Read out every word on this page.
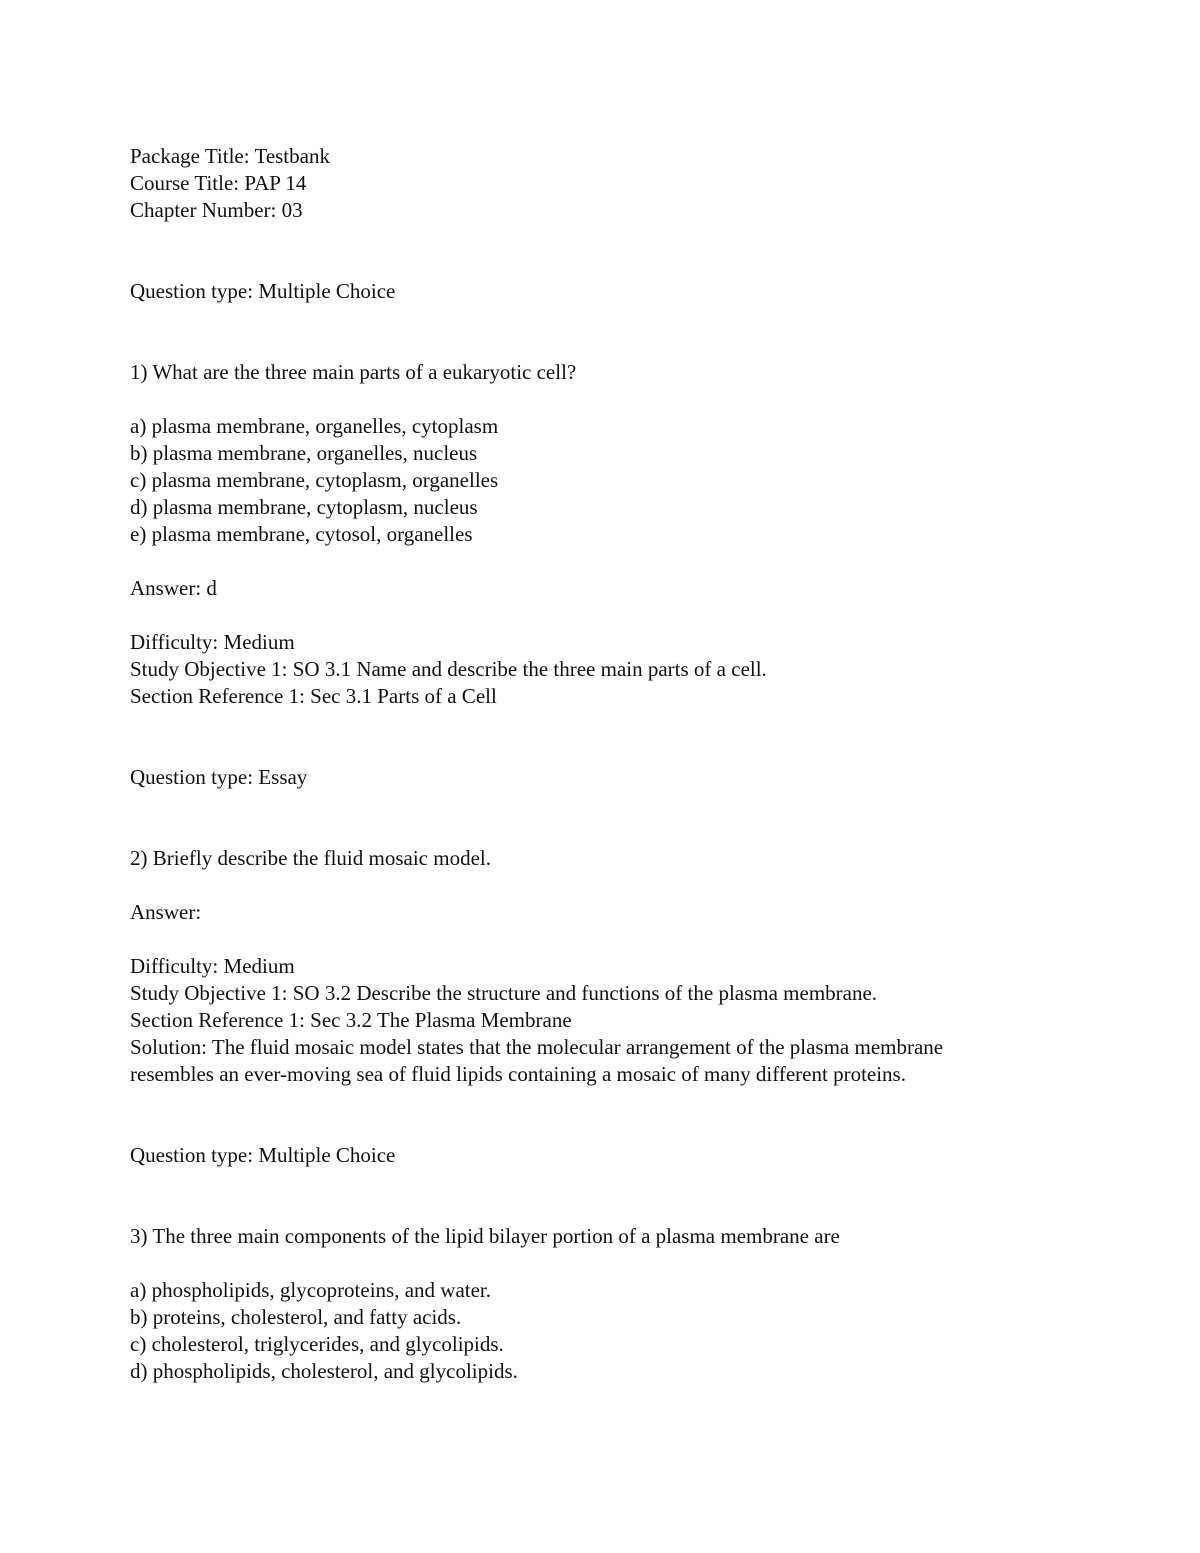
Package Title: Testbank
Course Title: PAP 14
Chapter Number: 03
Question type: Multiple Choice
1) What are the three main parts of a eukaryotic cell?
a) plasma membrane, organelles, cytoplasm
b) plasma membrane, organelles, nucleus
c) plasma membrane, cytoplasm, organelles
d) plasma membrane, cytoplasm, nucleus
e) plasma membrane, cytosol, organelles
Answer: d
Difficulty: Medium
Study Objective 1: SO 3.1 Name and describe the three main parts of a cell.
Section Reference 1: Sec 3.1 Parts of a Cell
Question type: Essay
2) Briefly describe the fluid mosaic model.
Answer:
Difficulty: Medium
Study Objective 1: SO 3.2 Describe the structure and functions of the plasma membrane.
Section Reference 1: Sec 3.2 The Plasma Membrane
Solution: The fluid mosaic model states that the molecular arrangement of the plasma membrane
resembles an ever-moving sea of fluid lipids containing a mosaic of many different proteins.
Question type: Multiple Choice
3) The three main components of the lipid bilayer portion of a plasma membrane are
a) phospholipids, glycoproteins, and water.
b) proteins, cholesterol, and fatty acids.
c) cholesterol, triglycerides, and glycolipids.
d) phospholipids, cholesterol, and glycolipids.
